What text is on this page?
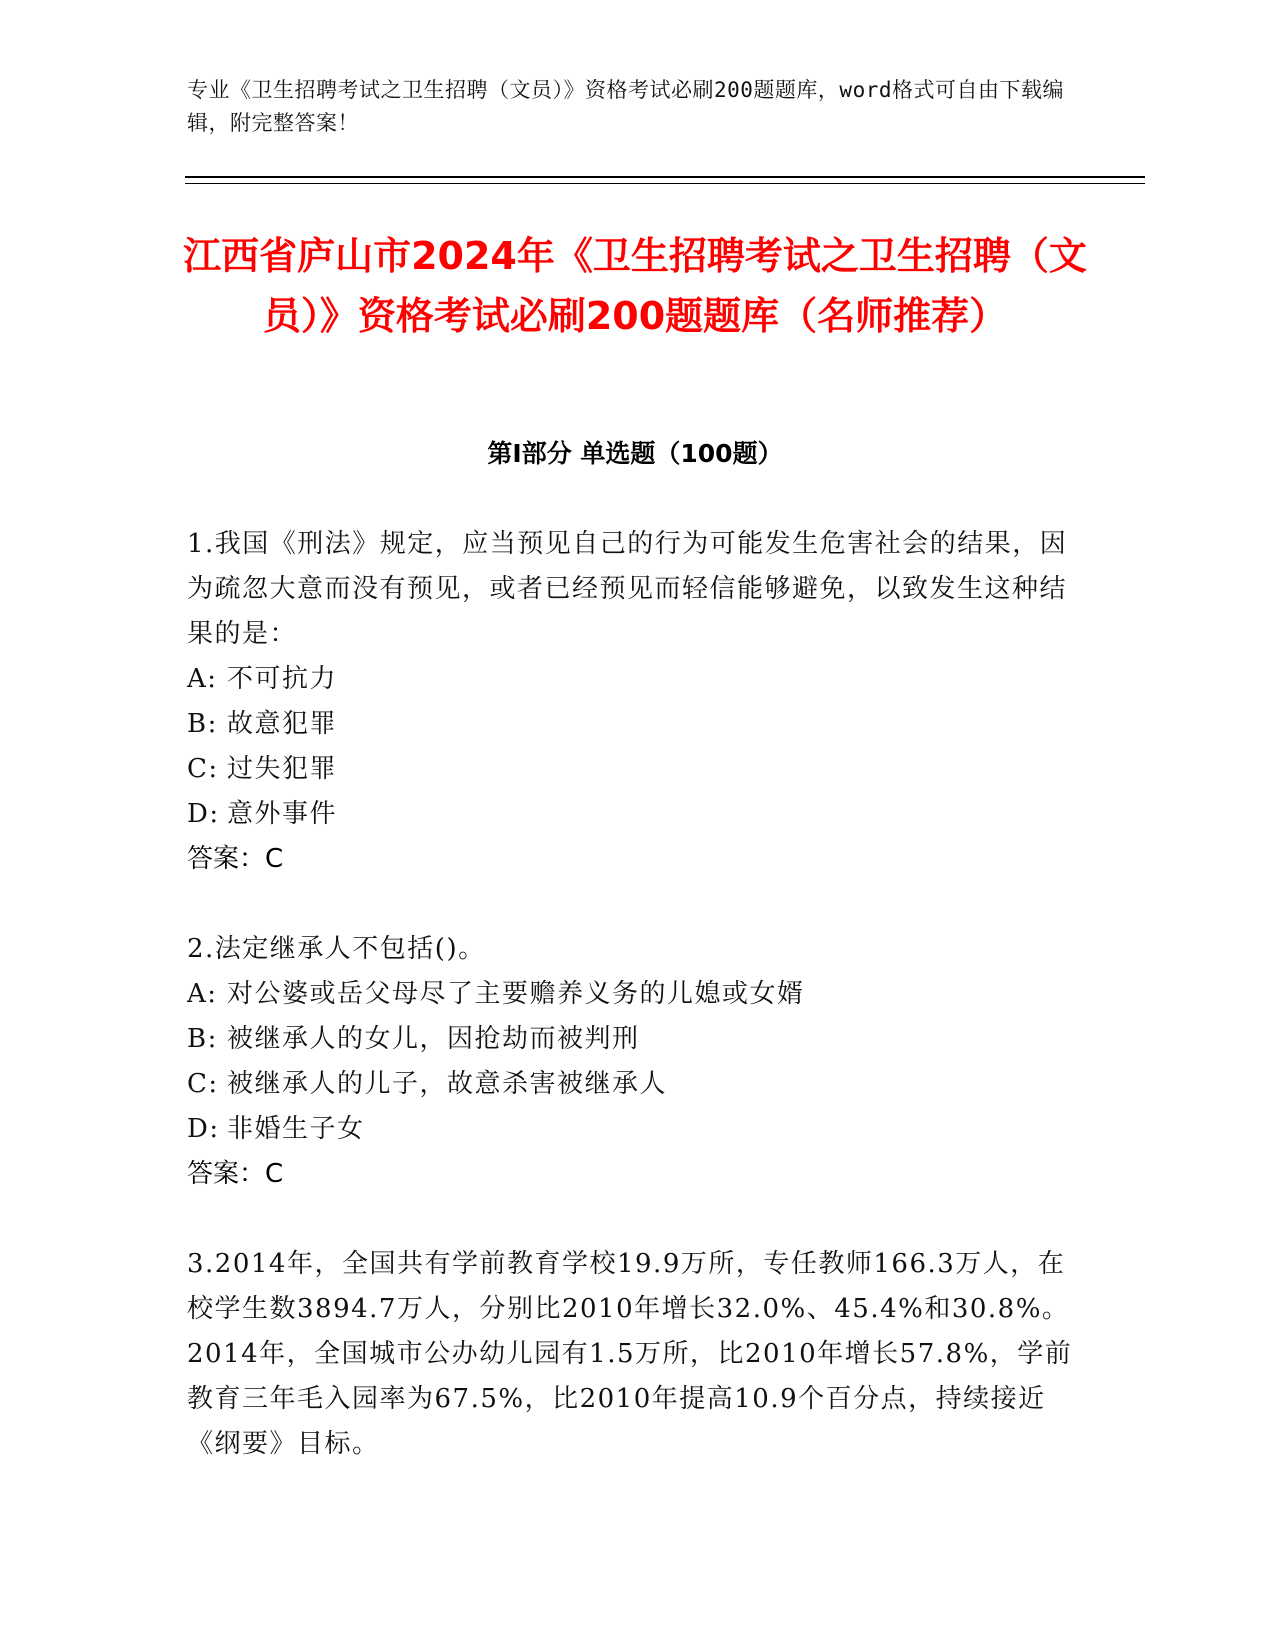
专业《卫生招聘考试之卫生招聘（文员）》资格考试必刷200题题库，word格式可自由下载编辑，附完整答案！
江西省庐山市2024年《卫生招聘考试之卫生招聘（文员）》资格考试必刷200题题库（名师推荐）
第Ⅰ部分 单选题（100题）

1.我国《刑法》规定，应当预见自己的行为可能发生危害社会的结果，因为疏忽大意而没有预见，或者已经预见而轻信能够避免，以致发生这种结果的是：

A: 不可抗力

B: 故意犯罪

C: 过失犯罪

D: 意外事件

答案：C

2.法定继承人不包括()。

A: 对公婆或岳父母尽了主要赡养义务的儿媳或女婿

B: 被继承人的女儿，因抢劫而被判刑

C: 被继承人的儿子，故意杀害被继承人

D: 非婚生子女

答案：C

3.2014年，全国共有学前教育学校19.9万所，专任教师166.3万人，在校学生数3894.7万人，分别比2010年增长32.0%、45.4%和30.8%。2014年，全国城市公办幼儿园有1.5万所，比2010年增长57.8%，学前教育三年毛入园率为67.5%，比2010年提高10.9个百分点，持续接近《纲要》目标。
